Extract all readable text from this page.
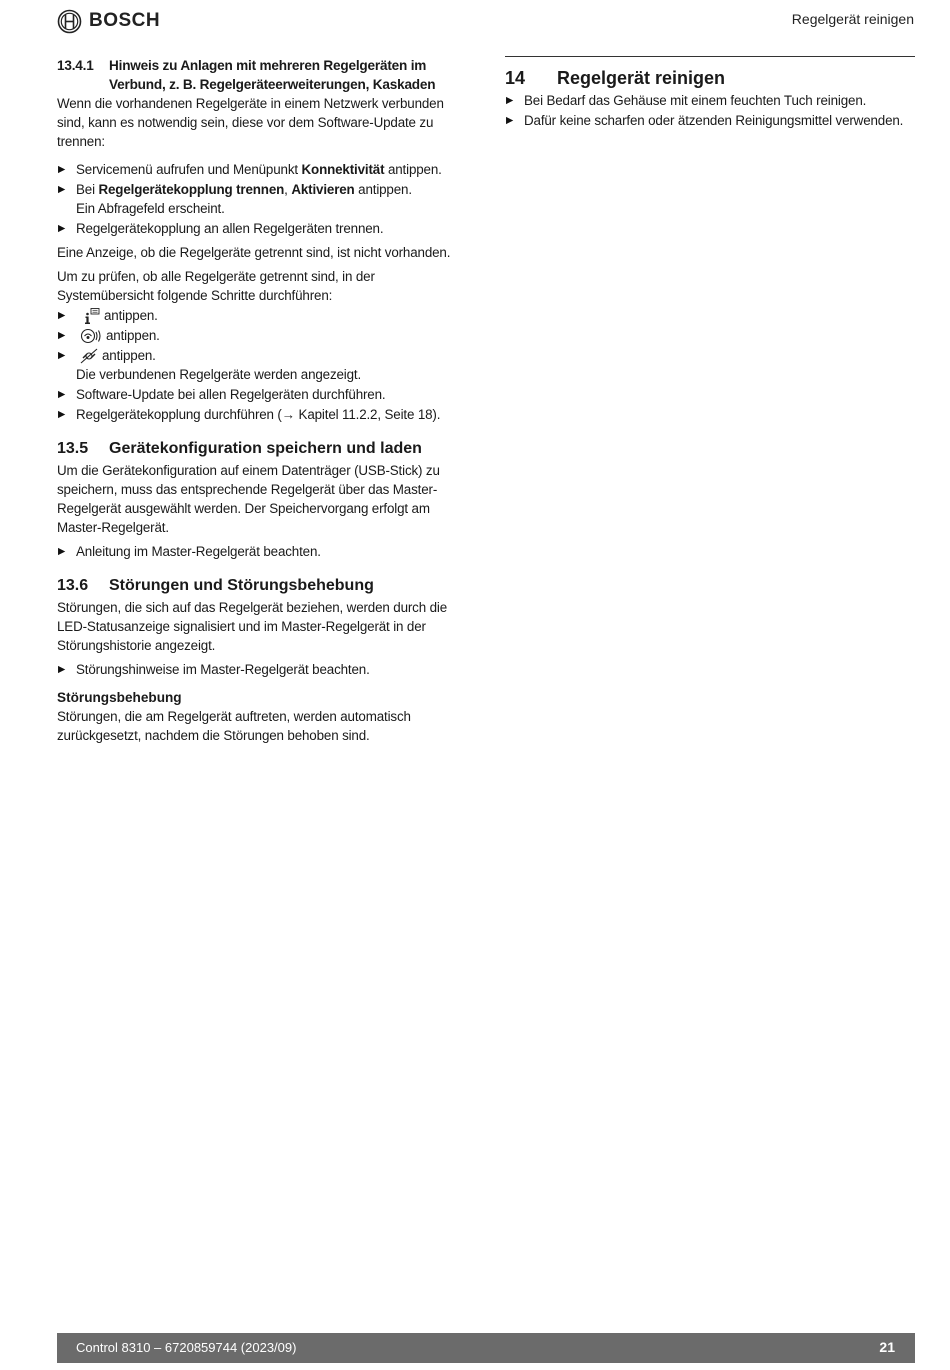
BOSCH	Regelgerät reinigen
13.4.1	Hinweis zu Anlagen mit mehreren Regelgeräten im Verbund, z. B. Regelgeräteerweiterungen, Kaskaden

Wenn die vorhandenen Regelgeräte in einem Netzwerk verbunden sind, kann es notwendig sein, diese vor dem Software-Update zu trennen:

▶ Servicemenü aufrufen und Menüpunkt Konnektivität antippen.
▶ Bei Regelgerätekopplung trennen, Aktivieren antippen.
Ein Abfragefeld erscheint.
▶ Regelgerätekopplung an allen Regelgeräten trennen.

Eine Anzeige, ob die Regelgeräte getrennt sind, ist nicht vorhanden.

Um zu prüfen, ob alle Regelgeräte getrennt sind, in der Systemübersicht folgende Schritte durchführen:

▶ antippen.
▶ antippen.
▶ antippen.
Die verbundenen Regelgeräte werden angezeigt.
▶ Software-Update bei allen Regelgeräten durchführen.
▶ Regelgerätekopplung durchführen (→ Kapitel 11.2.2, Seite 18).
13.5	Gerätekonfiguration speichern und laden

Um die Gerätekonfiguration auf einem Datenträger (USB-Stick) zu speichern, muss das entsprechende Regelgerät über das Master-Regelgerät ausgewählt werden. Der Speichervorgang erfolgt am Master-Regelgerät.

▶ Anleitung im Master-Regelgerät beachten.
13.6	Störungen und Störungsbehebung

Störungen, die sich auf das Regelgerät beziehen, werden durch die LED-Statusanzeige signalisiert und im Master-Regelgerät in der Störungshistorie angezeigt.

▶ Störungshinweise im Master-Regelgerät beachten.
Störungsbehebung

Störungen, die am Regelgerät auftreten, werden automatisch zurückgesetzt, nachdem die Störungen behoben sind.

14	Regelgerät reinigen
▶ Bei Bedarf das Gehäuse mit einem feuchten Tuch reinigen.
▶ Dafür keine scharfen oder ätzenden Reinigungsmittel verwenden.
Control 8310 – 6720859744 (2023/09)	21
